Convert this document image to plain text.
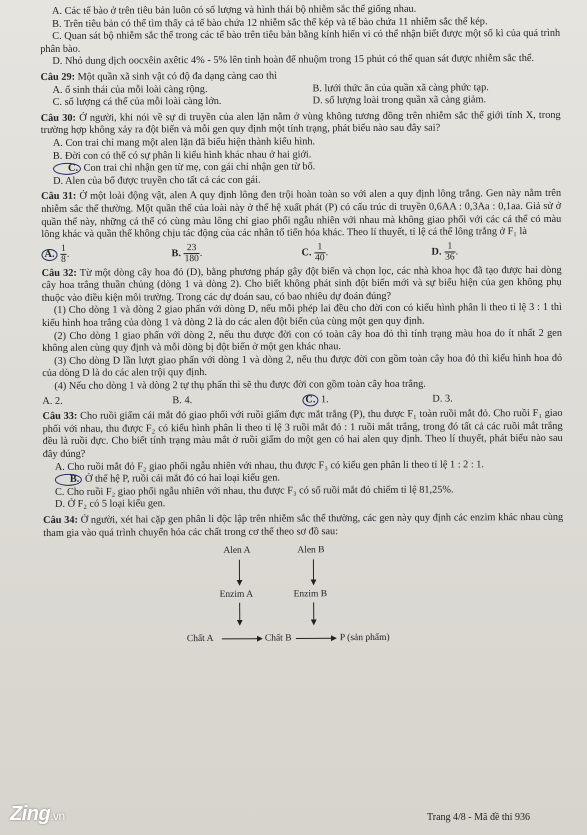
A. Các tế bào ở trên tiêu bản luôn có số lượng và hình thái bộ nhiễm sắc thể giống nhau.
B. Trên tiêu bản có thể tìm thấy cả tế bào chứa 12 nhiễm sắc thể kép và tế bào chứa 11 nhiễm sắc thể kép.
C. Quan sát bộ nhiễm sắc thể trong các tế bào trên tiêu bản bằng kính hiển vi có thể nhận biết được một số kì của quá trình phân bào.
D. Nhỏ dung dịch oocxêin axêtic 4% - 5% lên tinh hoàn để nhuộm trong 15 phút có thể quan sát được nhiễm sắc thể.
Câu 29: Một quần xã sinh vật có độ đa dạng càng cao thì
A. ổ sinh thái của mỗi loài càng rộng.	B. lưới thức ăn của quần xã càng phức tạp.
C. số lượng cá thể của mỗi loài càng lớn.	D. số lượng loài trong quần xã càng giảm.
Câu 30: Ở người, khi nói về sự di truyền của alen lặn nằm ở vùng không tương đồng trên nhiễm sắc thể giới tính X, trong trường hợp không xảy ra đột biến và mỗi gen quy định một tính trạng, phát biểu nào sau đây sai?
A. Con trai chỉ mang một alen lặn đã biểu hiện thành kiểu hình.
B. Đời con có thể có sự phân li kiểu hình khác nhau ở hai giới.
C. Con trai chỉ nhận gen từ mẹ, con gái chỉ nhận gen từ bố.
D. Alen của bố được truyền cho tất cả các con gái.
Câu 31: Ở một loài động vật, alen A quy định lông đen trội hoàn toàn so với alen a quy định lông trắng. Gen này nằm trên nhiễm sắc thể thường. Một quần thể của loài này ở thế hệ xuất phát (P) có cấu trúc di truyền 0,6AA : 0,3Aa : 0,1aa. Giả sử ở quần thể này, những cá thể có cùng màu lông chỉ giao phối ngẫu nhiên với nhau mà không giao phối với các cá thể có màu lông khác và quần thể không chịu tác động của các nhân tố tiến hóa khác. Theo lí thuyết, tỉ lệ cá thể lông trắng ở F₁ là
A. $\frac{1}{8}$ .	B. $\frac{23}{180}$ .	C. $\frac{1}{40}$ .	D. $\frac{1}{36}$ .
Câu 32: Từ một dòng cây hoa đỏ (D), bằng phương pháp gây đột biến và chọn lọc, các nhà khoa học đã tạo được hai dòng cây hoa trắng thuần chủng (dòng 1 và dòng 2). Cho biết không phát sinh đột biến mới và sự biểu hiện của gen không phụ thuộc vào điều kiện môi trường. Trong các dự đoán sau, có bao nhiêu dự đoán đúng?
(1) Cho dòng 1 và dòng 2 giao phấn với dòng D, nếu mỗi phép lai đều cho đời con có kiểu hình phân li theo tỉ lệ 3 : 1 thì kiểu hình hoa trắng của dòng 1 và dòng 2 là do các alen đột biến của cùng một gen quy định.
(2) Cho dòng 1 giao phấn với dòng 2, nếu thu được đời con có toàn cây hoa đỏ thì tính trạng màu hoa do ít nhất 2 gen không alen cùng quy định và mỗi dòng bị đột biến ở một gen khác nhau.
(3) Cho dòng D lần lượt giao phấn với dòng 1 và dòng 2, nếu thu được đời con gồm toàn cây hoa đỏ thì kiểu hình hoa đỏ của dòng D là do các alen trội quy định.
(4) Nếu cho dòng 1 và dòng 2 tự thụ phấn thì sẽ thu được đời con gồm toàn cây hoa trắng.
A. 2.	B. 4.	C. 1.	D. 3.
Câu 33: Cho ruồi giấm cái mắt đỏ giao phối với ruồi giấm đực mắt trắng (P), thu được F₁ toàn ruồi mắt đỏ. Cho ruồi F₁ giao phối với nhau, thu được F₂ có kiểu hình phân li theo tỉ lệ 3 ruồi mắt đỏ : 1 ruồi mắt trắng, trong đó tất cả các ruồi mắt trắng đều là ruồi đực. Cho biết tính trạng màu mắt ở ruồi giấm do một gen có hai alen quy định. Theo lí thuyết, phát biểu nào sau đây đúng?
A. Cho ruồi mắt đỏ F₂ giao phối ngẫu nhiên với nhau, thu được F₃ có kiểu gen phân li theo tỉ lệ 1 : 2 : 1.
B. Ở thế hệ P, ruồi cái mắt đỏ có hai loại kiểu gen.
C. Cho ruồi F₂ giao phối ngẫu nhiên với nhau, thu được F₃ có số ruồi mắt đỏ chiếm tỉ lệ 81,25%.
D. Ở F₂ có 5 loại kiểu gen.
Câu 34: Ở người, xét hai cặp gen phân li độc lập trên nhiễm sắc thể thường, các gen này quy định các enzim khác nhau cùng tham gia vào quá trình chuyển hóa các chất trong cơ thể theo sơ đồ sau:
Alen A	Alen B
Enzim A	Enzim B
Chất A	Chất B	P (sản phẩm)
Zing.vn	Trang 4/8 - Mã đề thi 936
